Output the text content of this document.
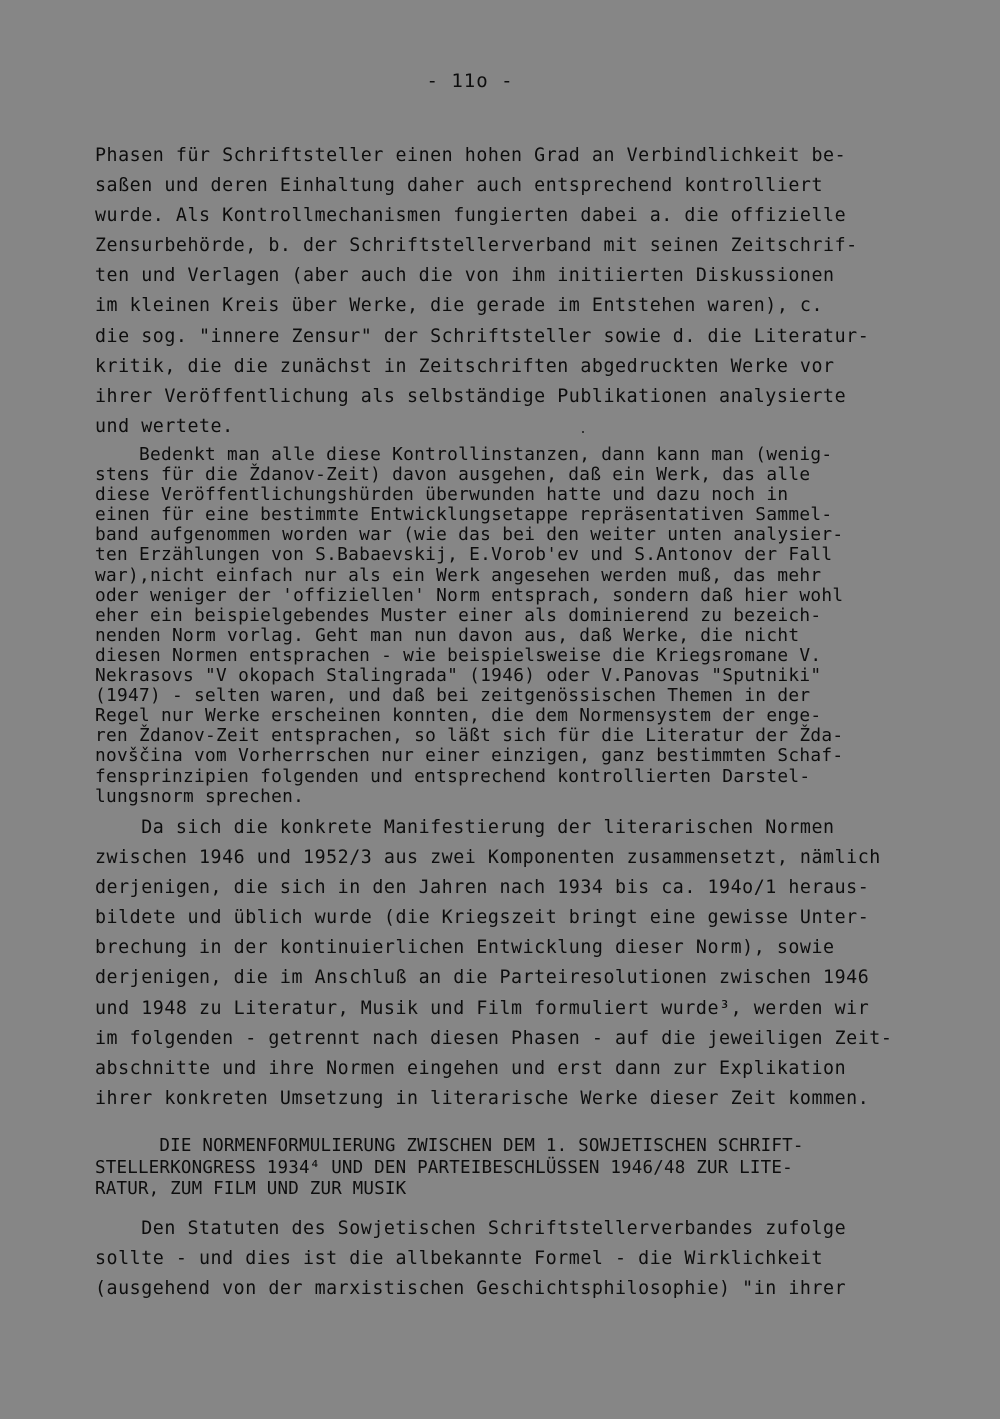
- 11o -
Phasen für Schriftsteller einen hohen Grad an Verbindlichkeit be-
saßen und deren Einhaltung daher auch entsprechend kontrolliert
wurde. Als Kontrollmechanismen fungierten dabei a. die offizielle
Zensurbehörde, b. der Schriftstellerverband mit seinen Zeitschrif-
ten und Verlagen (aber auch die von ihm initiierten Diskussionen
im kleinen Kreis über Werke, die gerade im Entstehen waren), c.
die sog. "innere Zensur" der Schriftsteller sowie d. die Literatur-
kritik, die die zunächst in Zeitschriften abgedruckten Werke vor
ihrer Veröffentlichung als selbständige Publikationen analysierte
und wertete.
Bedenkt man alle diese Kontrollinstanzen, dann kann man (wenig-
stens für die Ždanov-Zeit) davon ausgehen, daß ein Werk, das alle
diese Veröffentlichungshürden überwunden hatte und dazu noch in
einen für eine bestimmte Entwicklungsetappe repräsentativen Sammel-
band aufgenommen worden war (wie das bei den weiter unten analysier-
ten Erzählungen von S.Babaevskij, E.Vorob'ev und S.Antonov der Fall
war),nicht einfach nur als ein Werk angesehen werden muß, das mehr
oder weniger der 'offiziellen' Norm entsprach, sondern daß hier wohl
eher ein beispielgebendes Muster einer als dominierend zu bezeich-
nenden Norm vorlag. Geht man nun davon aus, daß Werke, die nicht
diesen Normen entsprachen - wie beispielsweise die Kriegsromane V.
Nekrasovs "V okopach Stalingrada" (1946) oder V.Panovas "Sputniki"
(1947) - selten waren, und daß bei zeitgenössischen Themen in der
Regel nur Werke erscheinen konnten, die dem Normensystem der enge-
ren Ždanov-Zeit entsprachen, so läßt sich für die Literatur der Žda-
novščina vom Vorherrschen nur einer einzigen, ganz bestimmten Schaf-
fensprinzipien folgenden und entsprechend kontrollierten Darstel-
lungsnorm sprechen.
Da sich die konkrete Manifestierung der literarischen Normen
zwischen 1946 und 1952/3 aus zwei Komponenten zusammensetzt, nämlich
derjenigen, die sich in den Jahren nach 1934 bis ca. 194o/1 heraus-
bildete und üblich wurde (die Kriegszeit bringt eine gewisse Unter-
brechung in der kontinuierlichen Entwicklung dieser Norm), sowie
derjenigen, die im Anschluß an die Parteiresolutionen zwischen 1946
und 1948 zu Literatur, Musik und Film formuliert wurde³, werden wir
im folgenden - getrennt nach diesen Phasen - auf die jeweiligen Zeit-
abschnitte und ihre Normen eingehen und erst dann zur Explikation
ihrer konkreten Umsetzung in literarische Werke dieser Zeit kommen.
DIE NORMENFORMULIERUNG ZWISCHEN DEM 1. SOWJETISCHEN SCHRIFT-
STELLERKONGRESS 1934⁴ UND DEN PARTEIBESCHLÜSSEN 1946/48 ZUR LITE-
RATUR, ZUM FILM UND ZUR MUSIK
Den Statuten des Sowjetischen Schriftstellerverbandes zufolge
sollte - und dies ist die allbekannte Formel - die Wirklichkeit
(ausgehend von der marxistischen Geschichtsphilosophie) "in ihrer
